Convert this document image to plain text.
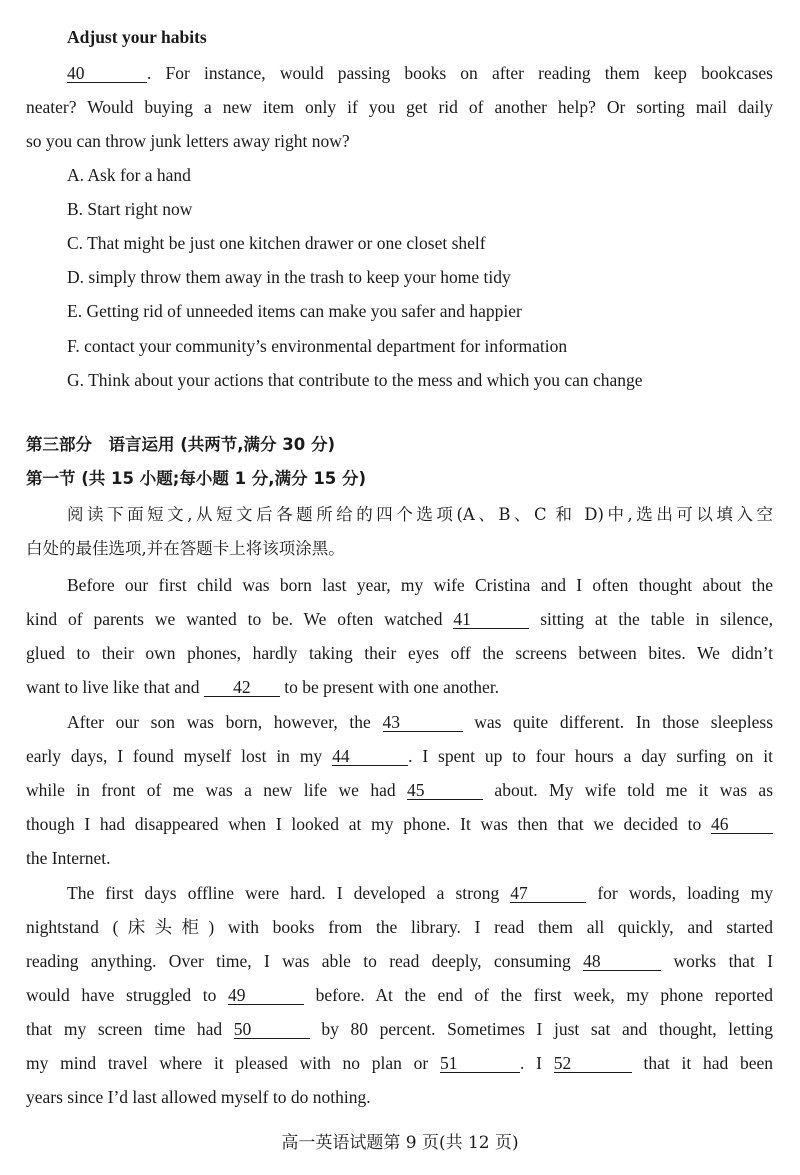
Adjust your habits
40	. For instance, would passing books on after reading them keep bookcases
neater? Would buying a new item only if you get rid of another help? Or sorting mail daily
so you can throw junk letters away right now?
A. Ask for a hand
B. Start right now
C. That might be just one kitchen drawer or one closet shelf
D. simply throw them away in the trash to keep your home tidy
E. Getting rid of unneeded items can make you safer and happier
F. contact your community’s environmental department for information
G. Think about your actions that contribute to the mess and which you can change
第三部分　语言运用 (共两节,满分 30 分)
第一节 (共 15 小题;每小题 1 分,满分 15 分)
阅读下面短文,从短文后各题所给的四个选项(A、B、C 和 D)中,选出可以填入空
白处的最佳选项,并在答题卡上将该项涂黑。
Before our first child was born last year, my wife Cristina and I often thought about the
kind of parents we wanted to be. We often watched 41	sitting at the table in silence,
glued to their own phones, hardly taking their eyes off the screens between bites. We didn’t
want to live like that and 42 to be present with one another.
After our son was born, however, the 43	was quite different. In those sleepless
early days, I found myself lost in my 44	. I spent up to four hours a day surfing on it
while in front of me was a new life we had 45	about. My wife told me it was as
though I had disappeared when I looked at my phone. It was then that we decided to 46
the Internet.
The first days offline were hard. I developed a strong 47	for words, loading my
nightstand (床头柜) with books from the library. I read them all quickly, and started
reading anything. Over time, I was able to read deeply, consuming 48	works that I
would have struggled to 49	before. At the end of the first week, my phone reported
that my screen time had 50	by 80 percent. Sometimes I just sat and thought, letting
my mind travel where it pleased with no plan or 51	. I 52	that it had been
years since I’d last allowed myself to do nothing.
高一英语试题第 9 页(共 12 页)
